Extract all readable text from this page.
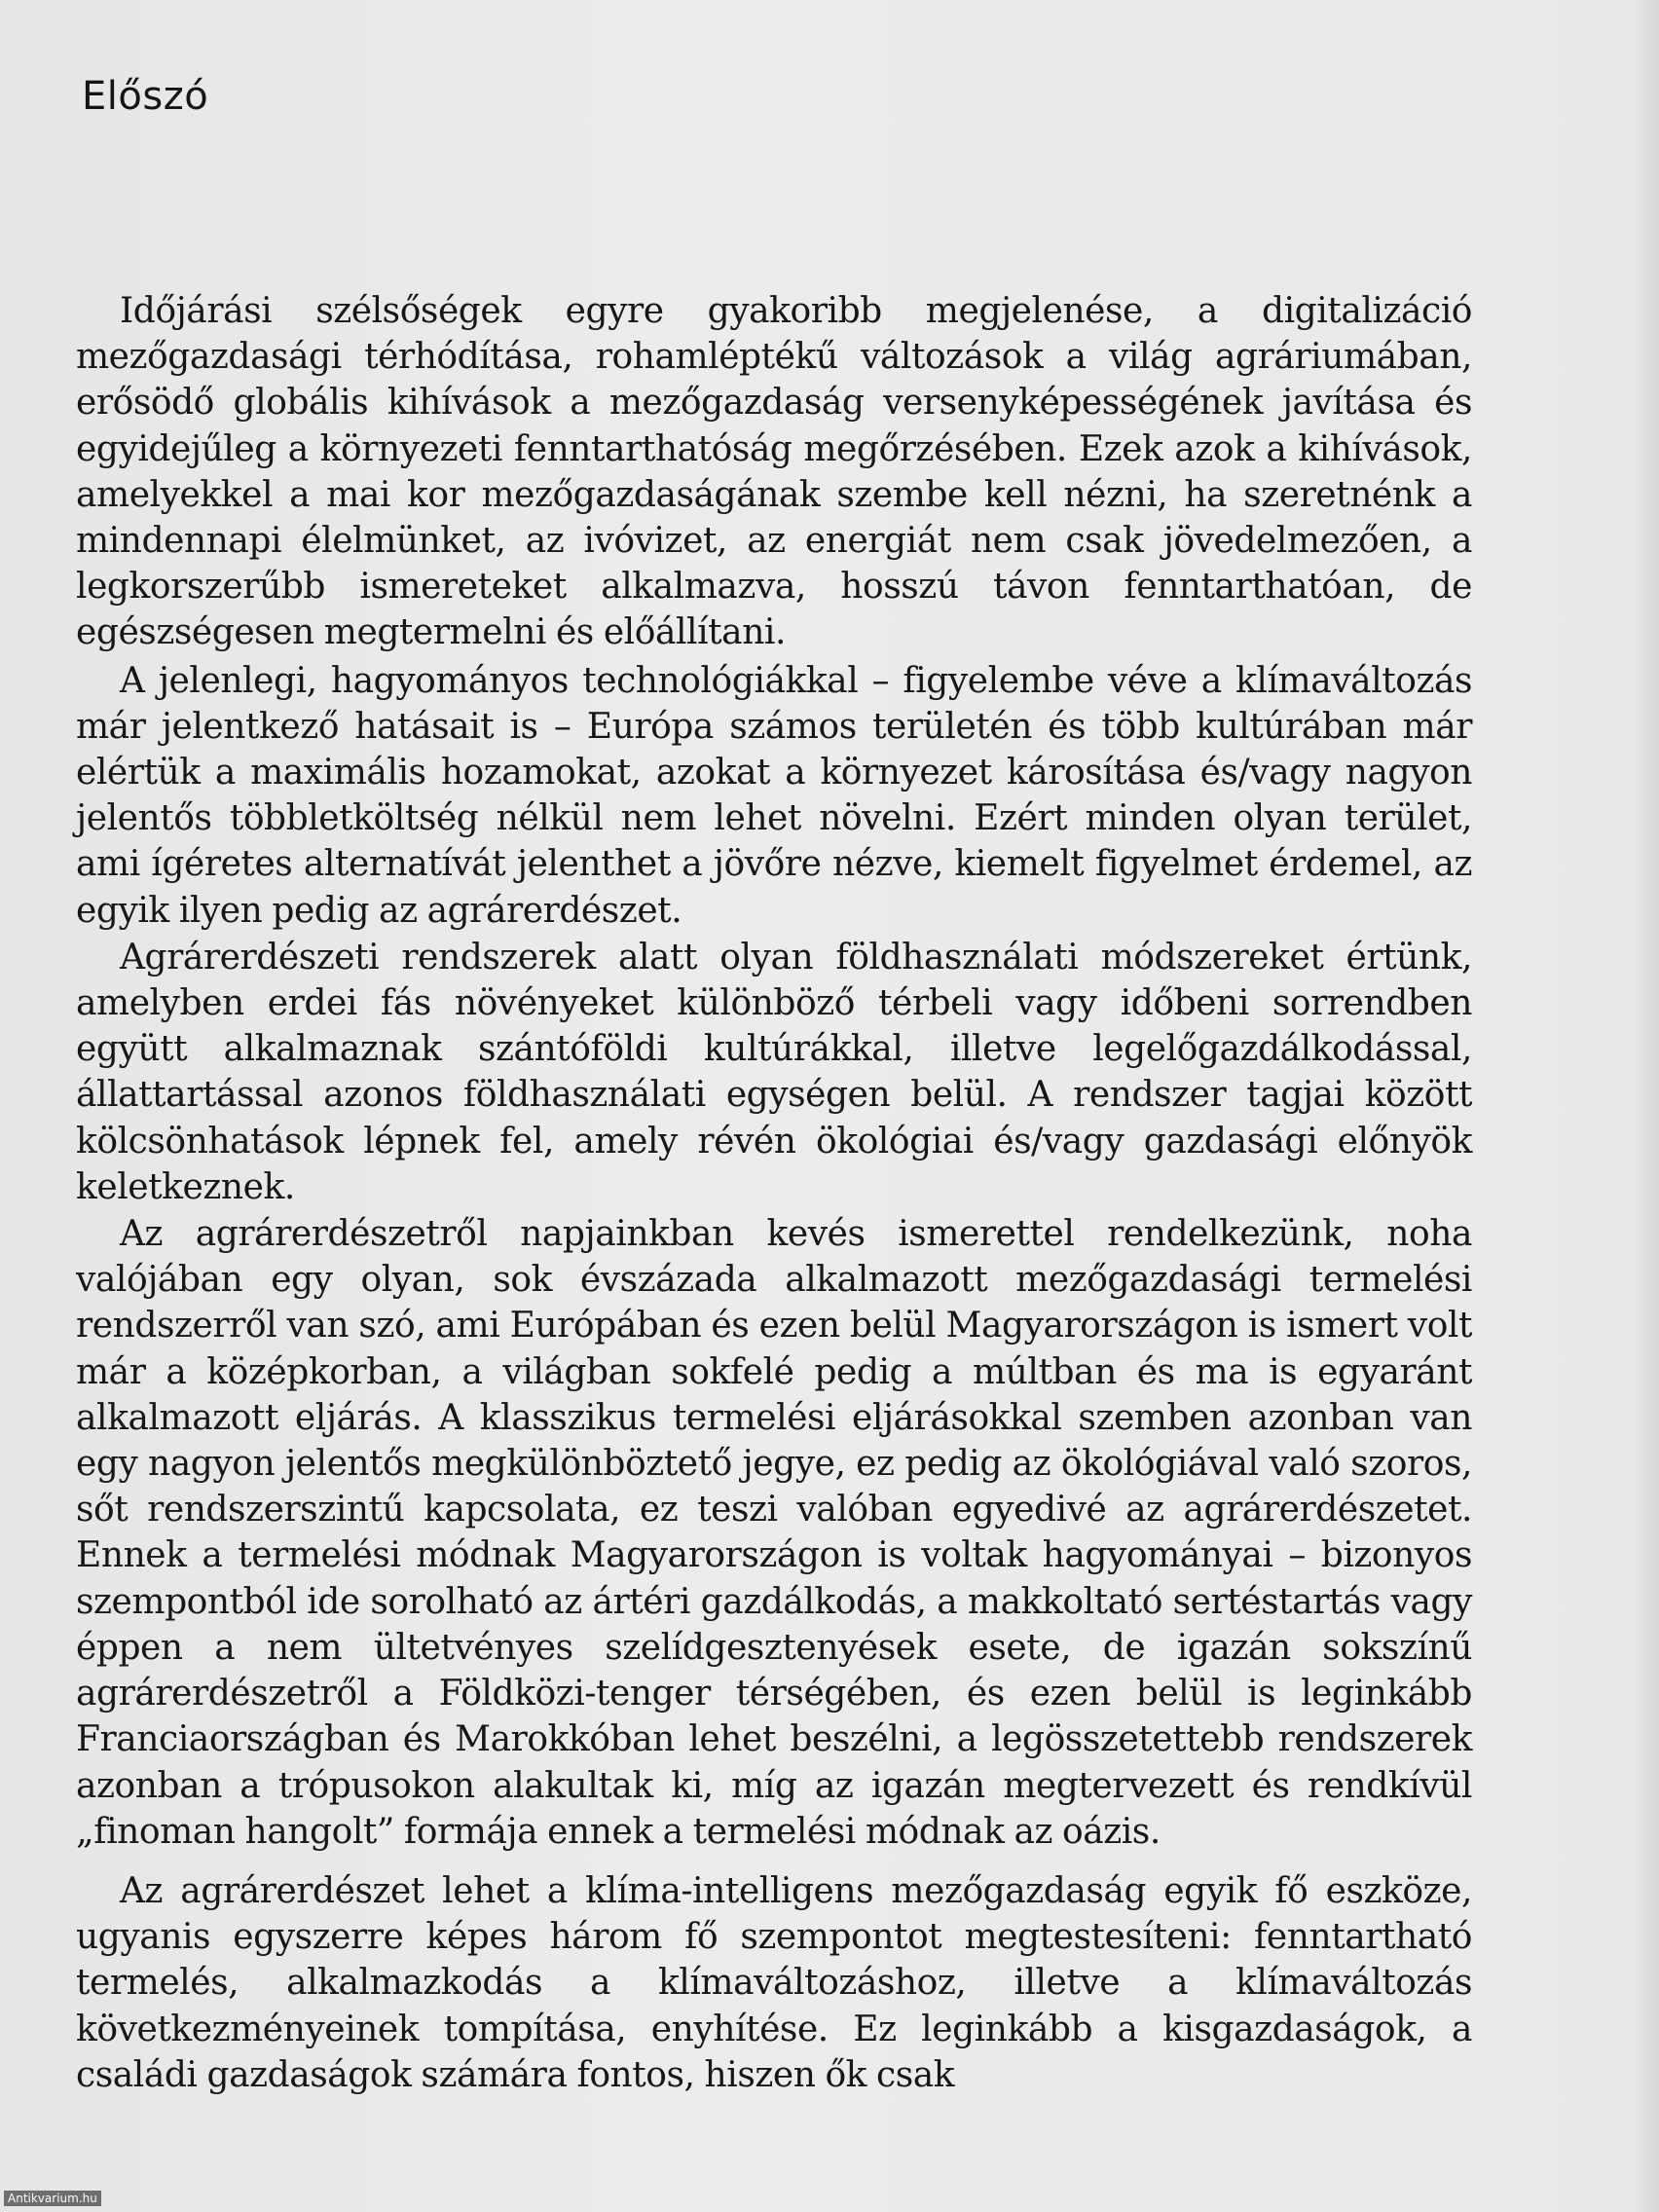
Előszó

Időjárási szélsőségek egyre gyakoribb megjelenése, a digitalizáció mezőgazdasági térhódítása, rohamléptékű változások a világ agráriumában, erősödő globális kihívások a mezőgazdaság versenyképességének javítása és egyidejűleg a környezeti fenntarthatóság megőrzésében. Ezek azok a kihívások, amelyekkel a mai kor mezőgazdaságának szembe kell nézni, ha szeretnénk a mindennapi élelmünket, az ivóvizet, az energiát nem csak jövedelmezően, a legkorszerűbb ismereteket alkalmazva, hosszú távon fenntarthatóan, de egészségesen megtermelni és előállítani.

A jelenlegi, hagyományos technológiákkal – figyelembe véve a klímaváltozás már jelentkező hatásait is – Európa számos területén és több kultúrában már elértük a maximális hozamokat, azokat a környezet károsítása és/vagy nagyon jelentős többletköltség nélkül nem lehet növelni. Ezért minden olyan terület, ami ígéretes alternatívát jelenthet a jövőre nézve, kiemelt figyelmet érdemel, az egyik ilyen pedig az agrárerdészet.

Agrárerdészeti rendszerek alatt olyan földhasználati módszereket értünk, amelyben erdei fás növényeket különböző térbeli vagy időbeni sorrendben együtt alkalmaznak szántóföldi kultúrákkal, illetve legelőgazdálkodással, állattartással azonos földhasználati egységen belül. A rendszer tagjai között kölcsönhatások lépnek fel, amely révén ökológiai és/vagy gazdasági előnyök keletkeznek.

Az agrárerdészetről napjainkban kevés ismerettel rendelkezünk, noha valójában egy olyan, sok évszázada alkalmazott mezőgazdasági termelési rendszerről van szó, ami Európában és ezen belül Magyarországon is ismert volt már a középkorban, a világban sokfelé pedig a múltban és ma is egyaránt alkalmazott eljárás. A klasszikus termelési eljárásokkal szemben azonban van egy nagyon jelentős megkülönböztető jegye, ez pedig az ökológiával való szoros, sőt rendszerszintű kapcsolata, ez teszi valóban egyedivé az agrárerdészetet. Ennek a termelési módnak Magyarországon is voltak hagyományai – bizonyos szempontból ide sorolható az ártéri gazdálkodás, a makkoltató sertéstartás vagy éppen a nem ültetvényes szelídgesztenyések esete, de igazán sokszínű agrárerdészetről a Földközi-tenger térségében, és ezen belül is leginkább Franciaországban és Marokkóban lehet beszélni, a legösszetettebb rendszerek azonban a trópusokon alakultak ki, míg az igazán megtervezett és rendkívül „finoman hangolt” formája ennek a termelési módnak az oázis.

Az agrárerdészet lehet a klíma-intelligens mezőgazdaság egyik fő eszköze, ugyanis egyszerre képes három fő szempontot megtestesíteni: fenntartható termelés, alkalmazkodás a klímaváltozáshoz, illetve a klímaváltozás következményeinek tompítása, enyhítése. Ez leginkább a kisgazdaságok, a családi gazdaságok számára fontos, hiszen ők csak

Antikvarium.hu
